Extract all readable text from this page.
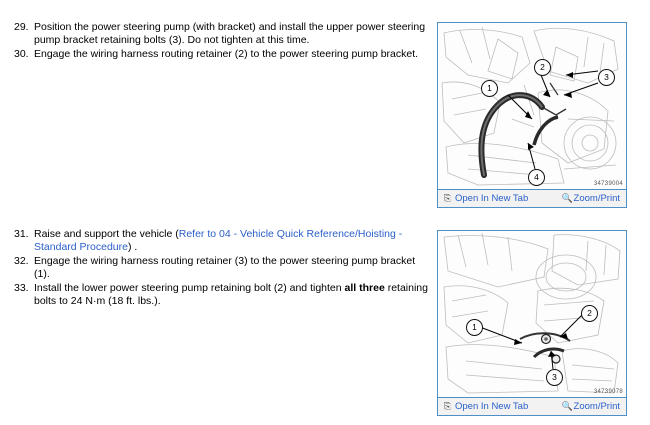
29. Position the power steering pump (with bracket) and install the upper power steering pump bracket retaining bolts (3). Do not tighten at this time.
30. Engage the wiring harness routing retainer (2) to the power steering pump bracket.
31. Raise and support the vehicle (Refer to 04 - Vehicle Quick Reference/Hoisting - Standard Procedure) .
32. Engage the wiring harness routing retainer (3) to the power steering pump bracket (1).
33. Install the lower power steering pump retaining bolt (2) and tighten all three retaining bolts to 24 N·m (18 ft. lbs.).
1
2
3
4
34739004
⎘ Open In New Tab	🔍 Zoom/Print
1
2
3
34739078
⎘ Open In New Tab	🔍 Zoom/Print
